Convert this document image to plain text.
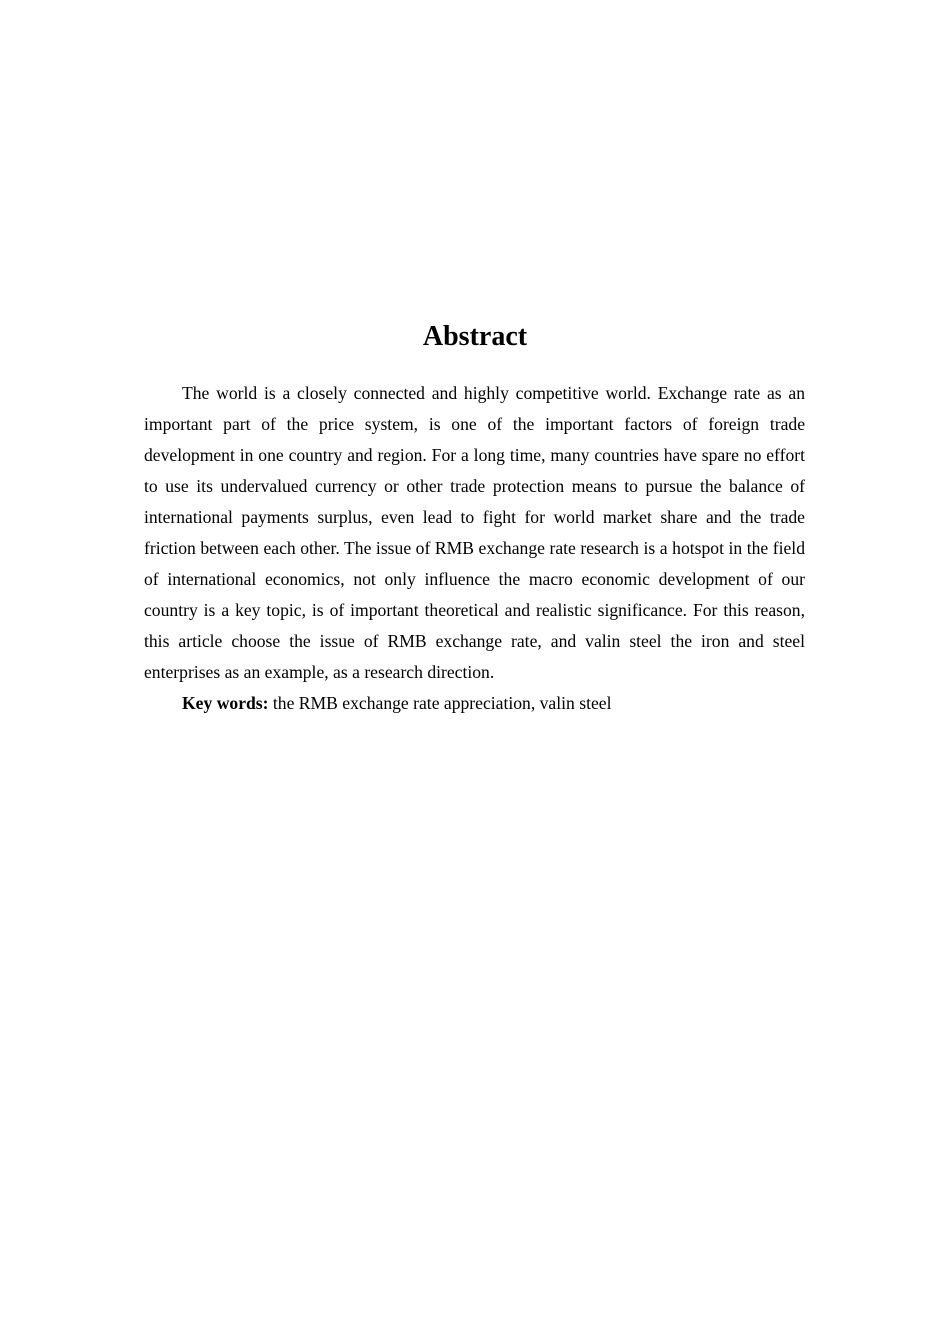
Abstract

The world is a closely connected and highly competitive world. Exchange rate as an important part of the price system, is one of the important factors of foreign trade development in one country and region. For a long time, many countries have spare no effort to use its undervalued currency or other trade protection means to pursue the balance of international payments surplus, even lead to fight for world market share and the trade friction between each other. The issue of RMB exchange rate research is a hotspot in the field of international economics, not only influence the macro economic development of our country is a key topic, is of important theoretical and realistic significance. For this reason, this article choose the issue of RMB exchange rate, and valin steel the iron and steel enterprises as an example, as a research direction.

Key words: the RMB exchange rate appreciation, valin steel
